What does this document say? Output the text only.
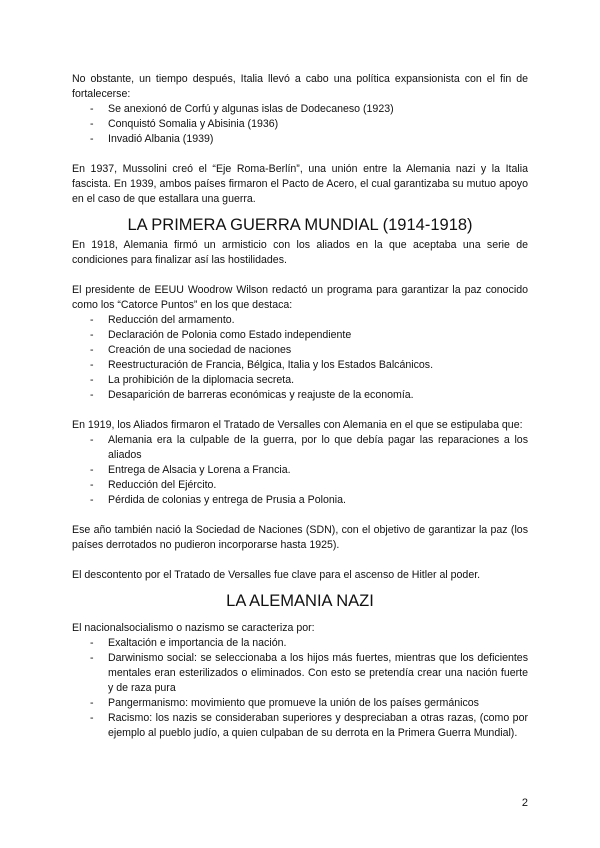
No obstante, un tiempo después, Italia llevó a cabo una política expansionista con el fin de fortalecerse:

- Se anexionó de Corfú y algunas islas de Dodecaneso (1923)
- Conquistó Somalia y Abisinia (1936)
- Invadió Albania (1939)

En 1937, Mussolini creó el “Eje Roma-Berlín”, una unión entre la Alemania nazi y la Italia fascista. En 1939, ambos países firmaron el Pacto de Acero, el cual garantizaba su mutuo apoyo en el caso de que estallara una guerra.

LA PRIMERA GUERRA MUNDIAL (1914-1918)

En 1918, Alemania firmó un armisticio con los aliados en la que aceptaba una serie de condiciones para finalizar así las hostilidades.

El presidente de EEUU Woodrow Wilson redactó un programa para garantizar la paz conocido como los “Catorce Puntos” en los que destaca:

- Reducción del armamento.
- Declaración de Polonia como Estado independiente
- Creación de una sociedad de naciones
- Reestructuración de Francia, Bélgica, Italia y los Estados Balcánicos.
- La prohibición de la diplomacia secreta.
- Desaparición de barreras económicas y reajuste de la economía.

En 1919, los Aliados firmaron el Tratado de Versalles con Alemania en el que se estipulaba que:

- Alemania era la culpable de la guerra, por lo que debía pagar las reparaciones a los aliados
- Entrega de Alsacia y Lorena a Francia.
- Reducción del Ejército.
- Pérdida de colonias y entrega de Prusia a Polonia.

Ese año también nació la Sociedad de Naciones (SDN), con el objetivo de garantizar la paz (los países derrotados no pudieron incorporarse hasta 1925).

El descontento por el Tratado de Versalles fue clave para el ascenso de Hitler al poder.

LA ALEMANIA NAZI

El nacionalsocialismo o nazismo se caracteriza por:

- Exaltación e importancia de la nación.
- Darwinismo social: se seleccionaba a los hijos más fuertes, mientras que los deficientes mentales eran esterilizados o eliminados. Con esto se pretendía crear una nación fuerte y de raza pura
- Pangermanismo: movimiento que promueve la unión de los países germánicos
- Racismo: los nazis se consideraban superiores y despreciaban a otras razas, (como por ejemplo al pueblo judío, a quien culpaban de su derrota en la Primera Guerra Mundial).
2
